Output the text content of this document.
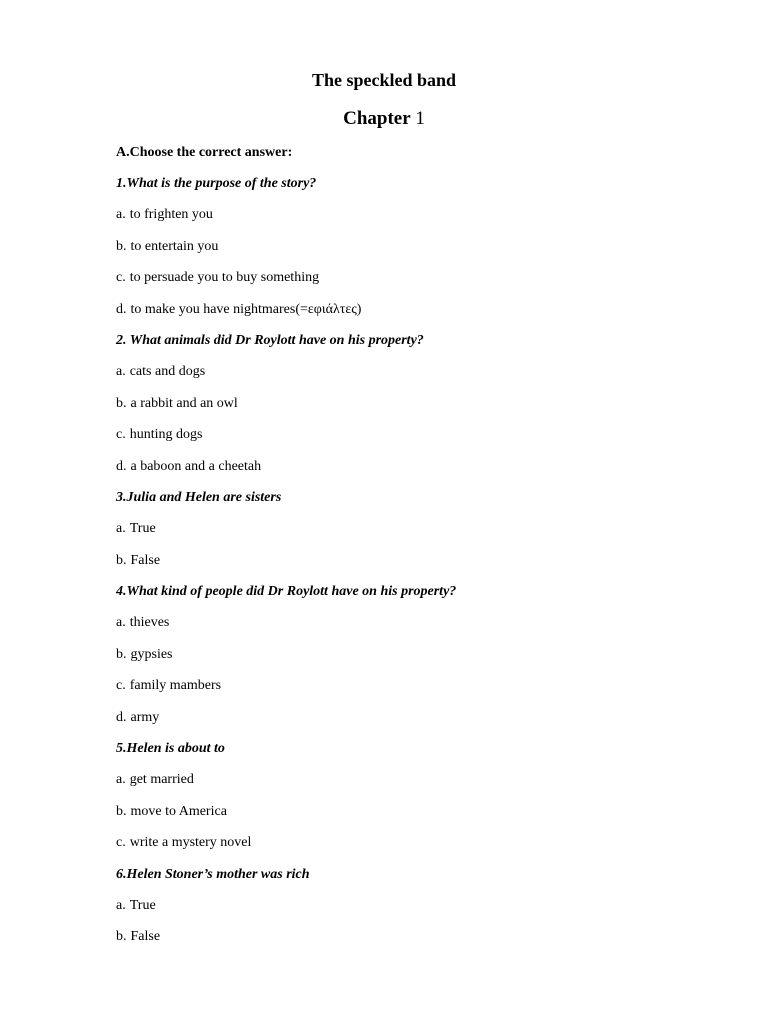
The speckled band
Chapter 1
A.Choose the correct answer:
1.What is the purpose of the story?
a. to frighten you
b. to entertain you
c. to persuade you to buy something
d. to make you have nightmares(=εφιάλτες)
2. What animals did Dr Roylott have on his property?
a. cats and dogs
b. a rabbit and an owl
c. hunting dogs
d. a baboon and a cheetah
3.Julia and Helen are sisters
a. True
b. False
4.What kind of people did Dr Roylott have on his property?
a. thieves
b. gypsies
c. family mambers
d. army
5.Helen is about to
a. get married
b. move to America
c. write a mystery novel
6.Helen Stoner’s mother was rich
a. True
b. False
